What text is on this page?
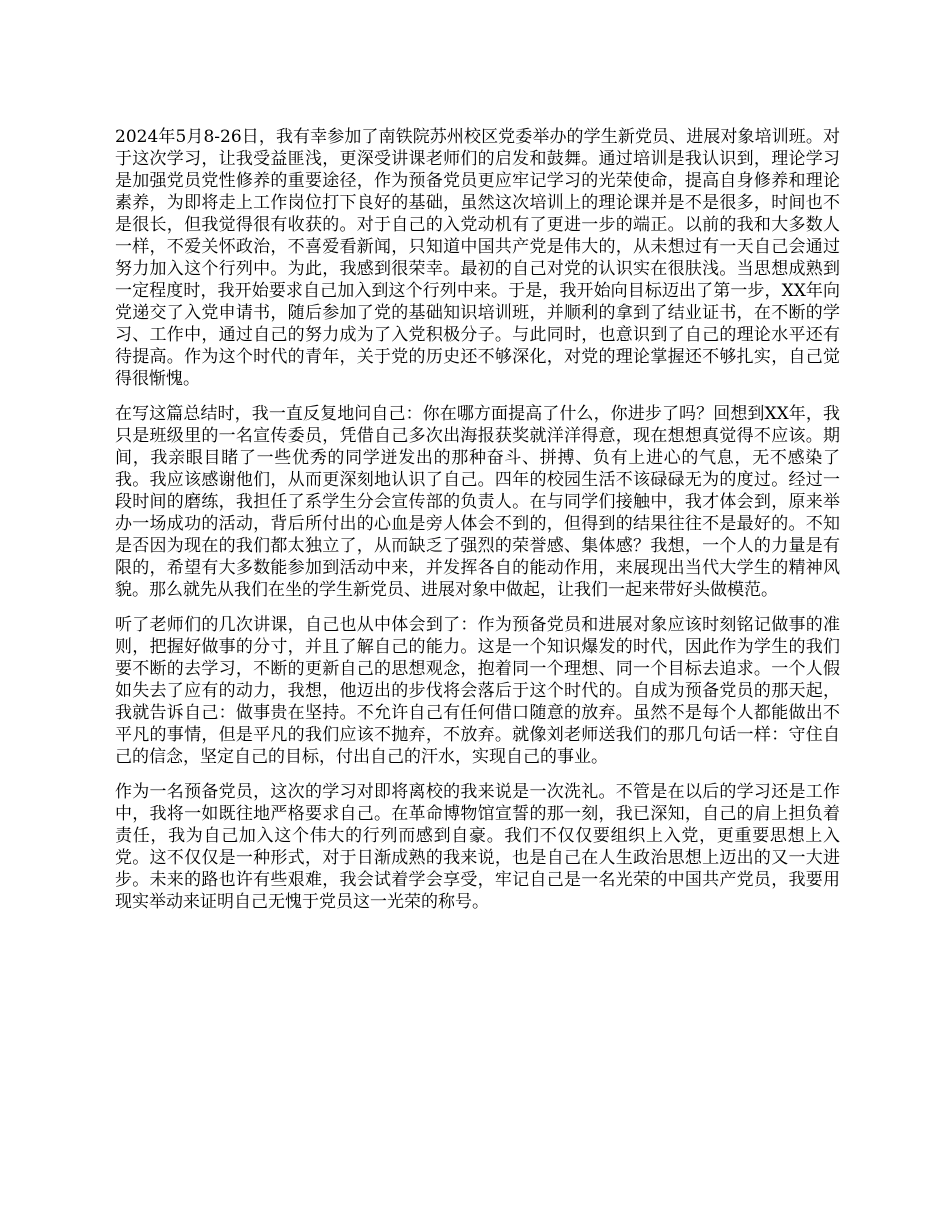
2024年5月8-26日，我有幸参加了南铁院苏州校区党委举办的学生新党员、进展对象培训班。对于这次学习，让我受益匪浅，更深受讲课老师们的启发和鼓舞。通过培训是我认识到，理论学习是加强党员党性修养的重要途径，作为预备党员更应牢记学习的光荣使命，提高自身修养和理论素养，为即将走上工作岗位打下良好的基础，虽然这次培训上的理论课并是不是很多，时间也不是很长，但我觉得很有收获的。对于自己的入党动机有了更进一步的端正。以前的我和大多数人一样，不爱关怀政治，不喜爱看新闻，只知道中国共产党是伟大的，从未想过有一天自己会通过努力加入这个行列中。为此，我感到很荣幸。最初的自己对党的认识实在很肤浅。当思想成熟到一定程度时，我开始要求自己加入到这个行列中来。于是，我开始向目标迈出了第一步，XX年向党递交了入党申请书，随后参加了党的基础知识培训班，并顺利的拿到了结业证书，在不断的学习、工作中，通过自己的努力成为了入党积极分子。与此同时，也意识到了自己的理论水平还有待提高。作为这个时代的青年，关于党的历史还不够深化，对党的理论掌握还不够扎实，自己觉得很惭愧。

在写这篇总结时，我一直反复地问自己：你在哪方面提高了什么，你进步了吗？回想到XX年，我只是班级里的一名宣传委员，凭借自己多次出海报获奖就洋洋得意，现在想想真觉得不应该。期间，我亲眼目睹了一些优秀的同学迸发出的那种奋斗、拼搏、负有上进心的气息，无不感染了我。我应该感谢他们，从而更深刻地认识了自己。四年的校园生活不该碌碌无为的度过。经过一段时间的磨练，我担任了系学生分会宣传部的负责人。在与同学们接触中，我才体会到，原来举办一场成功的活动，背后所付出的心血是旁人体会不到的，但得到的结果往往不是最好的。不知是否因为现在的我们都太独立了，从而缺乏了强烈的荣誉感、集体感？我想，一个人的力量是有限的，希望有大多数能参加到活动中来，并发挥各自的能动作用，来展现出当代大学生的精神风貌。那么就先从我们在坐的学生新党员、进展对象中做起，让我们一起来带好头做模范。

听了老师们的几次讲课，自己也从中体会到了：作为预备党员和进展对象应该时刻铭记做事的准则，把握好做事的分寸，并且了解自己的能力。这是一个知识爆发的时代，因此作为学生的我们要不断的去学习，不断的更新自己的思想观念，抱着同一个理想、同一个目标去追求。一个人假如失去了应有的动力，我想，他迈出的步伐将会落后于这个时代的。自成为预备党员的那天起，我就告诉自己：做事贵在坚持。不允许自己有任何借口随意的放弃。虽然不是每个人都能做出不平凡的事情，但是平凡的我们应该不抛弃，不放弃。就像刘老师送我们的那几句话一样：守住自己的信念，坚定自己的目标，付出自己的汗水，实现自己的事业。

作为一名预备党员，这次的学习对即将离校的我来说是一次洗礼。不管是在以后的学习还是工作中，我将一如既往地严格要求自己。在革命博物馆宣誓的那一刻，我已深知，自己的肩上担负着责任，我为自己加入这个伟大的行列而感到自豪。我们不仅仅要组织上入党，更重要思想上入党。这不仅仅是一种形式，对于日渐成熟的我来说，也是自己在人生政治思想上迈出的又一大进步。未来的路也许有些艰难，我会试着学会享受，牢记自己是一名光荣的中国共产党员，我要用现实举动来证明自己无愧于党员这一光荣的称号。
